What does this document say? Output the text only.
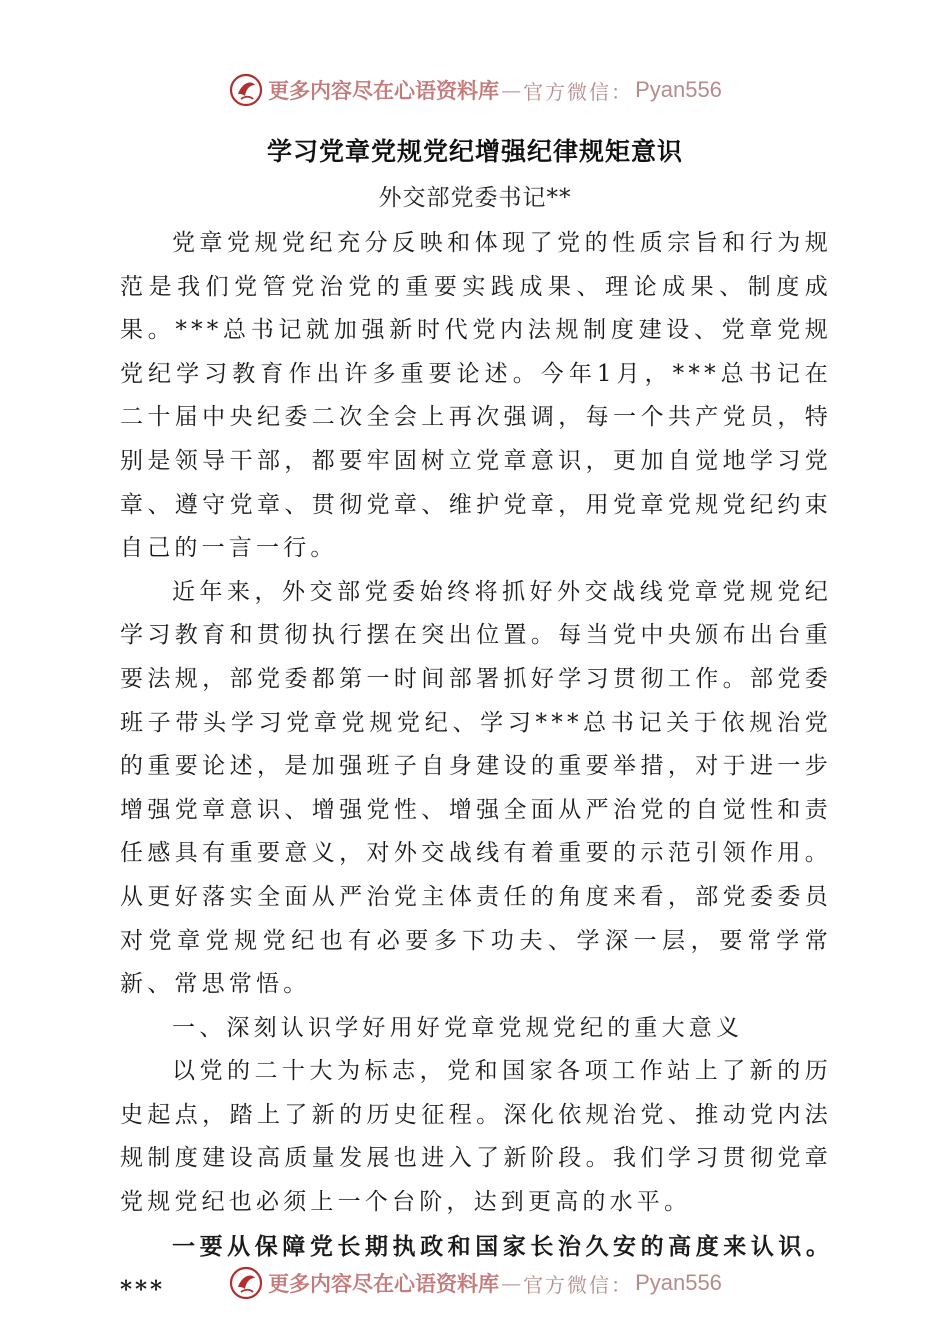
更多内容尽在心语资料库 — 官方微信： Pyan556
学习党章党规党纪增强纪律规矩意识
外交部党委书记**

党章党规党纪充分反映和体现了党的性质宗旨和行为规范是我们党管党治党的重要实践成果、理论成果、制度成果。***总书记就加强新时代党内法规制度建设、党章党规党纪学习教育作出许多重要论述。今年1月，***总书记在二十届中央纪委二次全会上再次强调，每一个共产党员，特别是领导干部，都要牢固树立党章意识，更加自觉地学习党章、遵守党章、贯彻党章、维护党章，用党章党规党纪约束自己的一言一行。

近年来，外交部党委始终将抓好外交战线党章党规党纪学习教育和贯彻执行摆在突出位置。每当党中央颁布出台重要法规，部党委都第一时间部署抓好学习贯彻工作。部党委班子带头学习党章党规党纪、学习***总书记关于依规治党的重要论述，是加强班子自身建设的重要举措，对于进一步增强党章意识、增强党性、增强全面从严治党的自觉性和责任感具有重要意义，对外交战线有着重要的示范引领作用。从更好落实全面从严治党主体责任的角度来看，部党委委员对党章党规党纪也有必要多下功夫、学深一层，要常学常新、常思常悟。

一、深刻认识学好用好党章党规党纪的重大意义

以党的二十大为标志，党和国家各项工作站上了新的历史起点，踏上了新的历史征程。深化依规治党、推动党内法规制度建设高质量发展也进入了新阶段。我们学习贯彻党章党规党纪也必须上一个台阶，达到更高的水平。

一要从保障党长期执政和国家长治久安的高度来认识。***	更多内容尽在心语资料库 — 官方微信： Pyan556
